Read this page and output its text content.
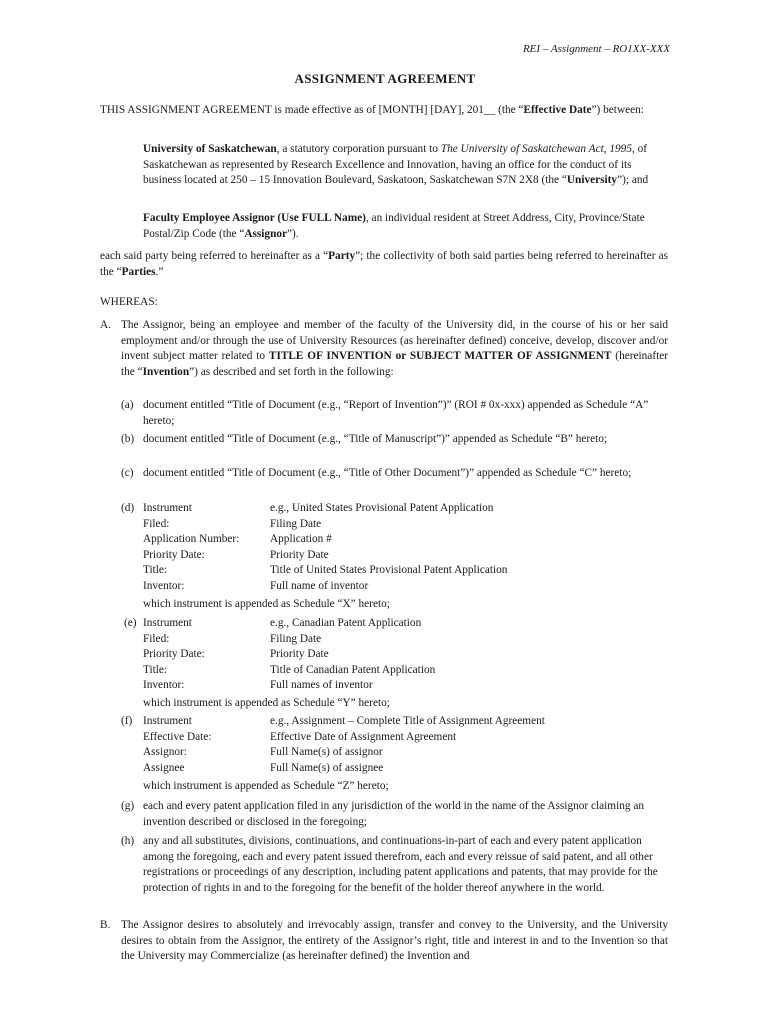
REI – Assignment – RO1XX-XXX
ASSIGNMENT AGREEMENT
THIS ASSIGNMENT AGREEMENT is made effective as of [MONTH] [DAY], 201__ (the “Effective Date”) between:
University of Saskatchewan, a statutory corporation pursuant to The University of Saskatchewan Act, 1995, of Saskatchewan as represented by Research Excellence and Innovation, having an office for the conduct of its business located at 250 – 15 Innovation Boulevard, Saskatoon, Saskatchewan S7N 2X8 (the “University”); and
Faculty Employee Assignor (Use FULL Name), an individual resident at Street Address, City, Province/State Postal/Zip Code (the “Assignor”).
each said party being referred to hereinafter as a “Party”; the collectivity of both said parties being referred to hereinafter as the “Parties.”
WHEREAS:
A. The Assignor, being an employee and member of the faculty of the University did, in the course of his or her said employment and/or through the use of University Resources (as hereinafter defined) conceive, develop, discover and/or invent subject matter related to TITLE OF INVENTION or SUBJECT MATTER OF ASSIGNMENT (hereinafter the “Invention”) as described and set forth in the following:
(a) document entitled “Title of Document (e.g., “Report of Invention”)” (ROI # 0x-xxx) appended as Schedule “A” hereto;
(b) document entitled “Title of Document (e.g., “Title of Manuscript”)” appended as Schedule “B” hereto;
(c) document entitled “Title of Document (e.g., “Title of Other Document”)” appended as Schedule “C” hereto;
(d) Instrument	e.g., United States Provisional Patent Application
Filed:	Filing Date
Application Number:	Application #
Priority Date:	Priority Date
Title:	Title of United States Provisional Patent Application
Inventor:	Full name of inventor
which instrument is appended as Schedule “X” hereto;
(e) Instrument	e.g., Canadian Patent Application
Filed:	Filing Date
Priority Date:	Priority Date
Title:	Title of Canadian Patent Application
Inventor:	Full names of inventor
which instrument is appended as Schedule “Y” hereto;
(f) Instrument	e.g., Assignment – Complete Title of Assignment Agreement
Effective Date:	Effective Date of Assignment Agreement
Assignor:	Full Name(s) of assignor
Assignee	Full Name(s) of assignee
which instrument is appended as Schedule “Z” hereto;
(g) each and every patent application filed in any jurisdiction of the world in the name of the Assignor claiming an invention described or disclosed in the foregoing;
(h) any and all substitutes, divisions, continuations, and continuations-in-part of each and every patent application among the foregoing, each and every patent issued therefrom, each and every reissue of said patent, and all other registrations or proceedings of any description, including patent applications and patents, that may provide for the protection of rights in and to the foregoing for the benefit of the holder thereof anywhere in the world.
B. The Assignor desires to absolutely and irrevocably assign, transfer and convey to the University, and the University desires to obtain from the Assignor, the entirety of the Assignor’s right, title and interest in and to the Invention so that the University may Commercialize (as hereinafter defined) the Invention and
